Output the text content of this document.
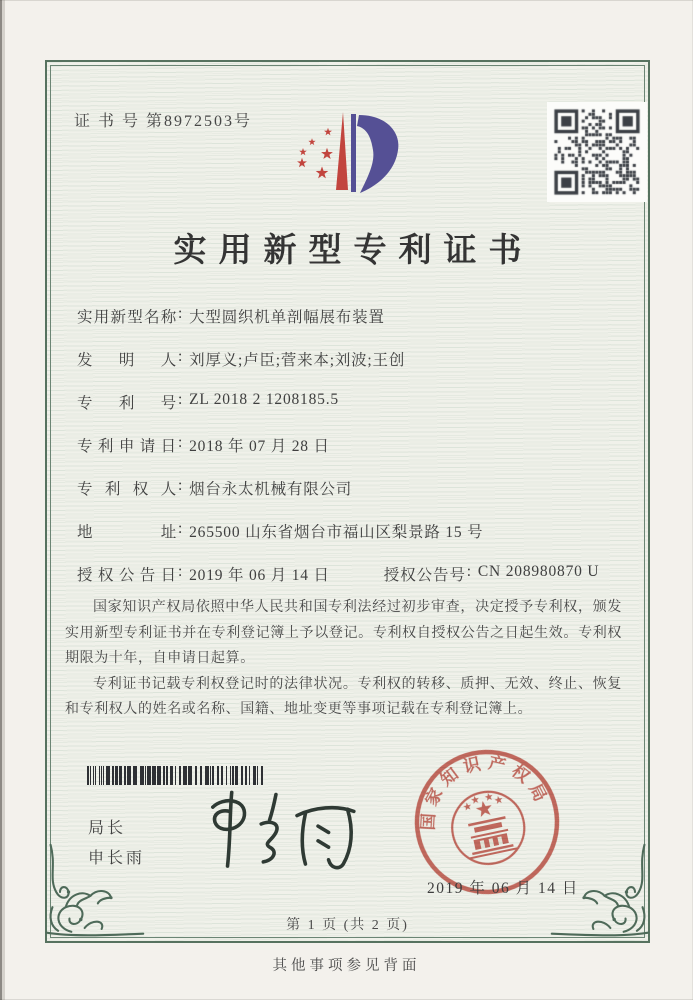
证 书 号 第8972503号
实用新型专利证书
实用新型名称 : 大型圆织机单剖幅展布装置
发明人 : 刘厚义;卢臣;菅来本;刘波;王创
专利号 : ZL 2018 2 1208185.5
专利申请日 : 2018 年 07 月 28 日
专利权人 : 烟台永太机械有限公司
地址 : 265500 山东省烟台市福山区梨景路 15 号
授权公告日 : 2019 年 06 月 14 日	授权公告号 : CN 208980870 U

国家知识产权局依照中华人民共和国专利法经过初步审查，决定授予专利权，颁发实用新型专利证书并在专利登记簿上予以登记。专利权自授权公告之日起生效。专利权期限为十年，自申请日起算。

专利证书记载专利权登记时的法律状况。专利权的转移、质押、无效、终止、恢复和专利权人的姓名或名称、国籍、地址变更等事项记载在专利登记簿上。

局长
申长雨
国家知识产权局
2019 年 06 月 14 日
第 1 页 (共 2 页)
其他事项参见背面
